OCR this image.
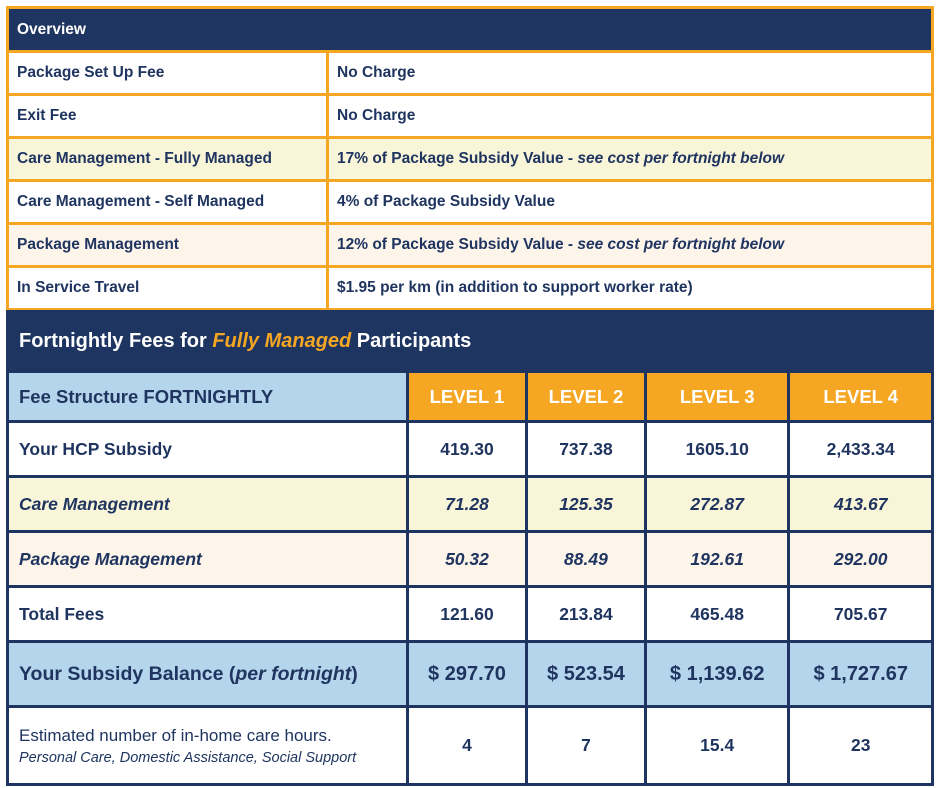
Overview	
Package Set Up Fee	No Charge
Exit Fee	No Charge
Care Management - Fully Managed	17% of Package Subsidy Value - see cost per fortnight below
Care Management - Self Managed	4% of Package Subsidy Value
Package Management	12% of Package Subsidy Value - see cost per fortnight below
In Service Travel	$1.95 per km (in addition to support worker rate)
Fortnightly Fees for Fully Managed Participants				
Fee Structure FORTNIGHTLY	LEVEL 1	LEVEL 2	LEVEL 3	LEVEL 4
Your HCP Subsidy	419.30	737.38	1605.10	2,433.34
Care Management	71.28	125.35	272.87	413.67
Package Management	50.32	88.49	192.61	292.00
Total Fees	121.60	213.84	465.48	705.67
Your Subsidy Balance (per fortnight)	$ 297.70	$ 523.54	$ 1,139.62	$ 1,727.67

Estimated number of in-home care hours.
Personal Care, Domestic Assistance, Social Support	4	7	15.4	23
